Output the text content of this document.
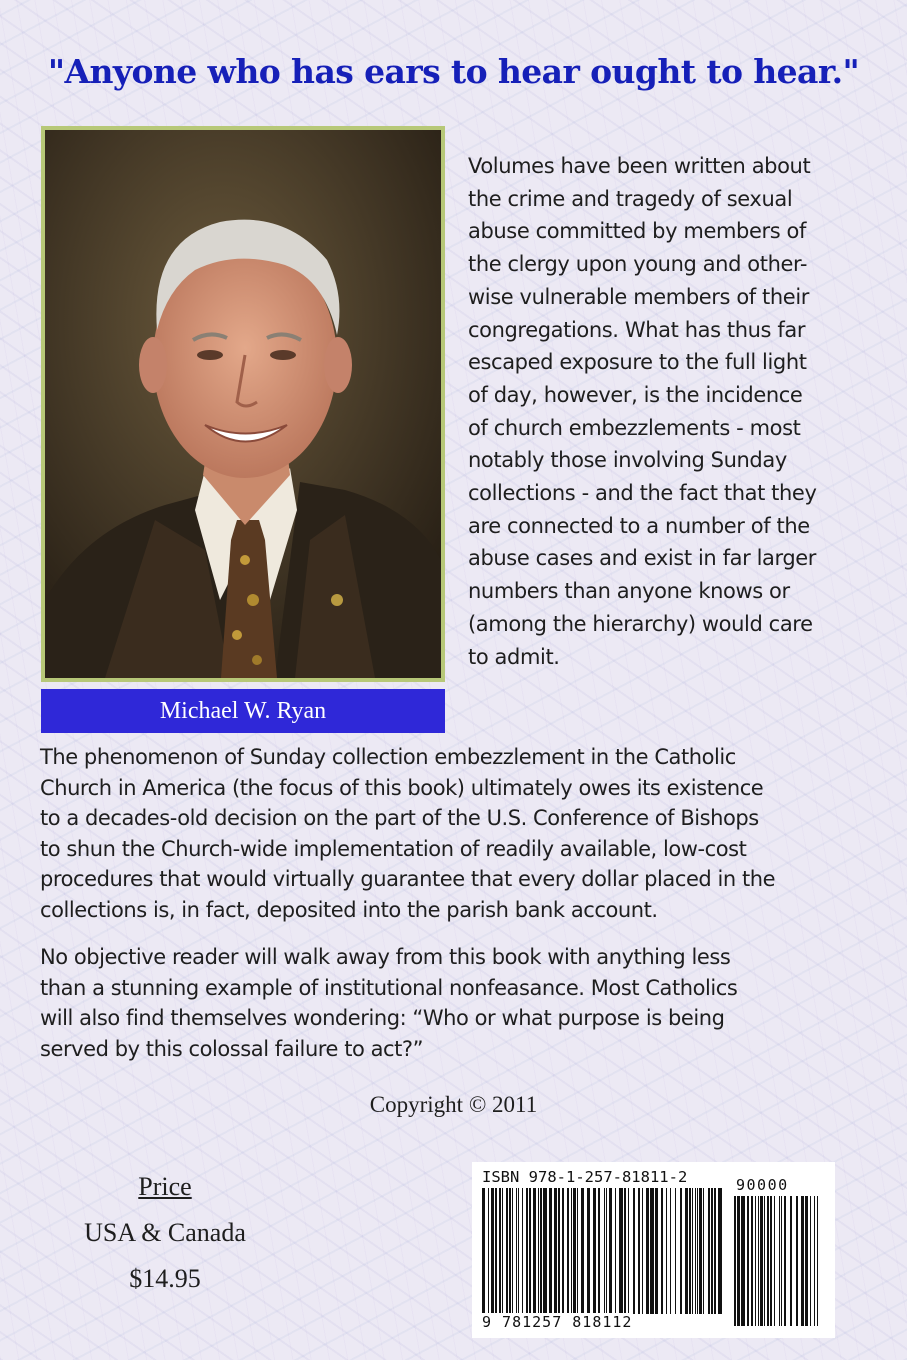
"Anyone who has ears to hear ought to hear."
Michael W. Ryan
Volumes have been written about
the crime and tragedy of sexual
abuse committed by members of
the clergy upon young and other-
wise vulnerable members of their
congregations. What has thus far
escaped exposure to the full light
of day, however, is the incidence
of church embezzlements - most
notably those involving Sunday
collections - and the fact that they
are connected to a number of the
abuse cases and exist in far larger
numbers than anyone knows or
(among the hierarchy) would care
to admit.
The phenomenon of Sunday collection embezzlement in the Catholic
Church in America (the focus of this book) ultimately owes its existence
to a decades-old decision on the part of the U.S. Conference of Bishops
to shun the Church-wide implementation of readily available, low-cost
procedures that would virtually guarantee that every dollar placed in the
collections is, in fact, deposited into the parish bank account.
No objective reader will walk away from this book with anything less
than a stunning example of institutional nonfeasance. Most Catholics
will also find themselves wondering: “Who or what purpose is being
served by this colossal failure to act?”
Copyright © 2011
Price
USA & Canada
$14.95
ISBN 978-1-257-81811-2
9 781257 818112
90000
